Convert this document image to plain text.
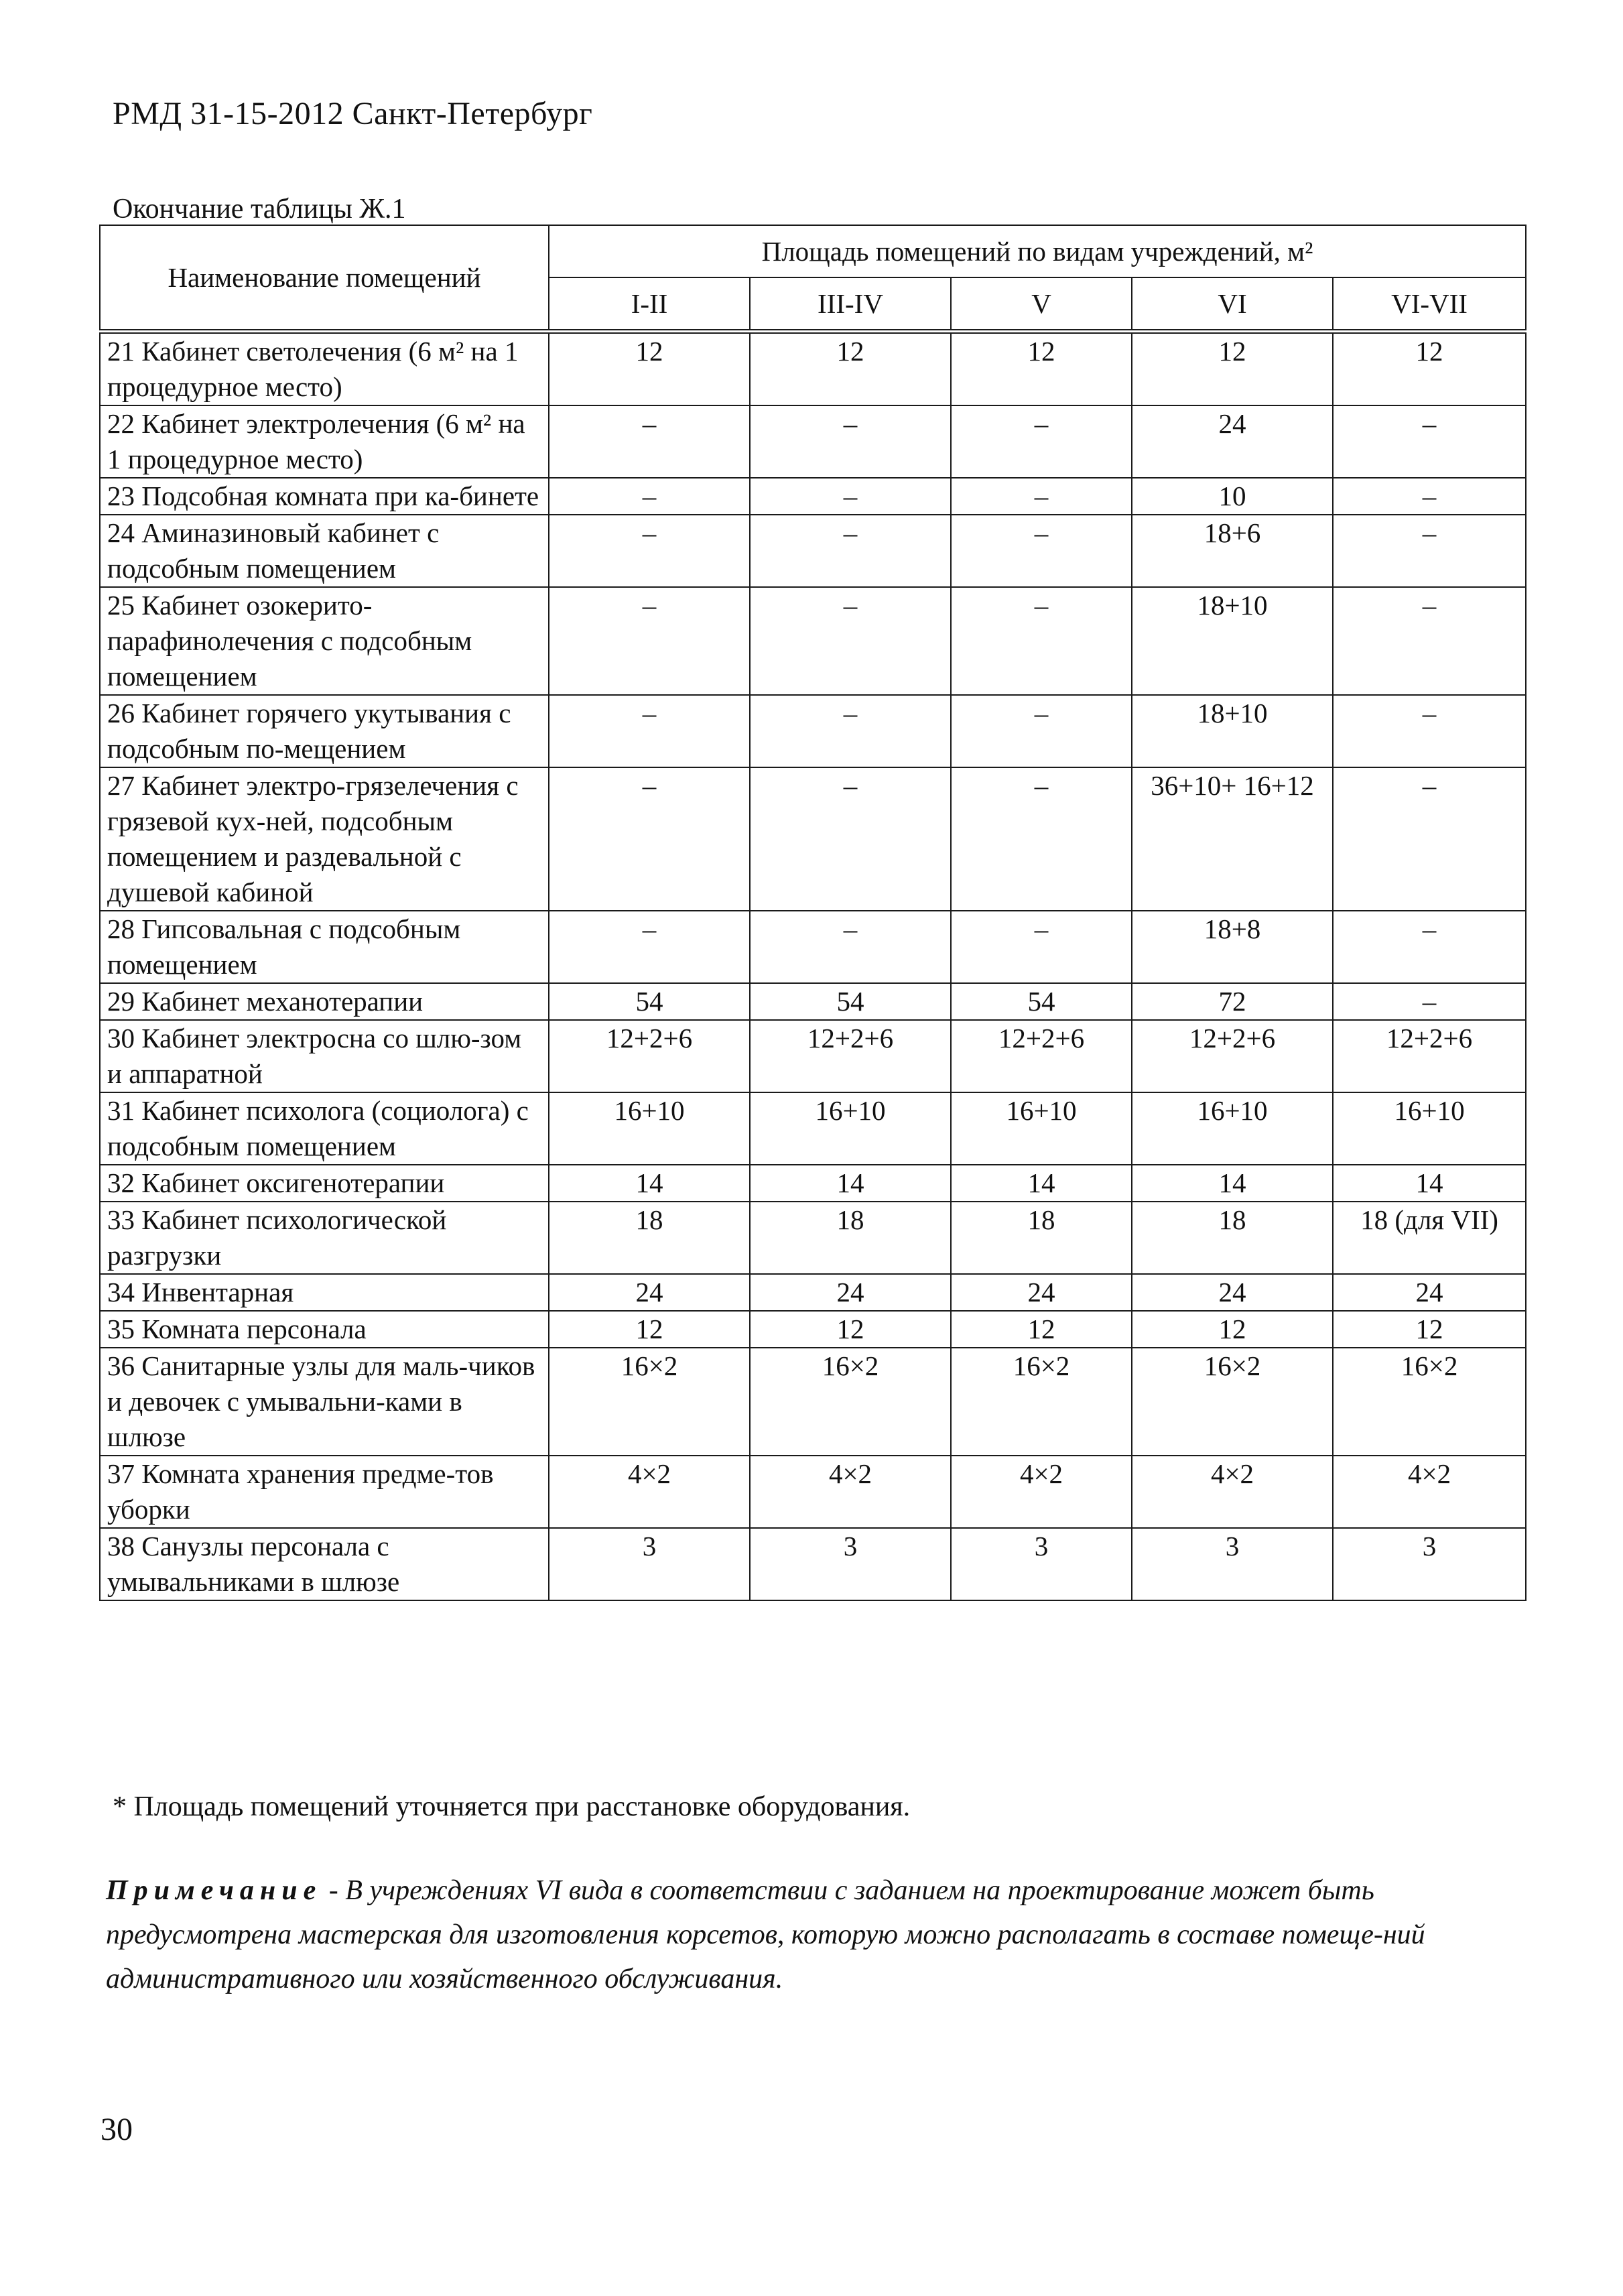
РМД 31-15-2012 Санкт-Петербург
Окончание таблицы Ж.1
Наименование помещений	Площадь помещений по видам учреждений, м²				
	I-II	III-IV	V	VI	VI-VII
21 Кабинет светолечения (6 м² на 1 процедурное место)	12	12	12	12	12
22 Кабинет электролечения (6 м² на 1 процедурное место)	–	–	–	24	–
23 Подсобная комната при ка-бинете	–	–	–	10	–
24 Аминазиновый кабинет с подсобным помещением	–	–	–	18+6	–
25 Кабинет озокерито-парафинолечения с подсобным помещением	–	–	–	18+10	–
26 Кабинет горячего укутывания с подсобным по-мещением	–	–	–	18+10	–
27 Кабинет электро-грязелечения с грязевой кух-ней, подсобным помещением и раздевальной с душевой кабиной	–	–	–	36+10+ 16+12	–
28 Гипсовальная с подсобным помещением	–	–	–	18+8	–
29 Кабинет механотерапии	54	54	54	72	–
30 Кабинет электросна со шлю-зом и аппаратной	12+2+6	12+2+6	12+2+6	12+2+6	12+2+6
31 Кабинет психолога (социолога) с подсобным помещением	16+10	16+10	16+10	16+10	16+10
32 Кабинет оксигенотерапии	14	14	14	14	14
33 Кабинет психологической разгрузки	18	18	18	18	18 (для VII)
34 Инвентарная	24	24	24	24	24
35 Комната персонала	12	12	12	12	12
36 Санитарные узлы для маль-чиков и девочек с умывальни-ками в шлюзе	16×2	16×2	16×2	16×2	16×2
37 Комната хранения предме-тов уборки	4×2	4×2	4×2	4×2	4×2
38 Санузлы персонала с умывальниками в шлюзе	3	3	3	3	3
* Площадь помещений уточняется при расстановке оборудования.
Примечание - В учреждениях VI вида в соответствии с заданием на проектирование может быть предусмотрена мастерская для изготовления корсетов, которую можно располагать в составе помеще-ний административного или хозяйственного обслуживания.
30
